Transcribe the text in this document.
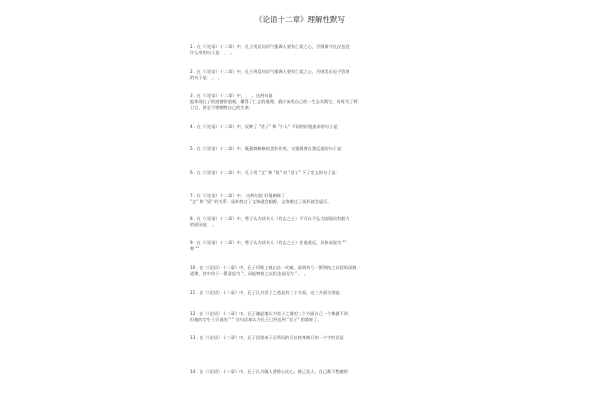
《论语十二章》理解性默写
1 . 在《（论语）十二章》中，孔子用反问语气强调人要有仁爱之心，否则谁守礼仪也没
什么用的句子是： ， 。
2 . 在《（论语）十二章》中，孔子用反问语气强调人要有仁爱之心，否则美乐也不管用
的句子是： ， 。
3 . 在《（论语）十二章》中， ， 。这两句最
能体现孔子的道德价值观，懂得了仁义的道理，就应该用自己的一生去实践它，有时为了捍
卫它，甚至不惜牺牲自己的生命。
4 . 在《（论语）十二章》中，反映了 "君子" 和 "小人" 不同的价值追求的句子是：
5 . 在《（论语）十二章》中，既强调修修的美好作用，又强调要自我反思的句子是：
6 . 在《（论语）十二章》中，孔子用 "文" 和 "质" 对 "君子" 下了定义的句子是：
7 . 在《（论语）十二章》中， 这两句很 好地阐释了
"文" 和 "质" 的关系：质朴胜过了文饰就会粗野，文饰胜过了质朴就会虚浮。
8 . 在《（论语）十二章》中，曾子认为读书人（有志之士）不可以不弘大刚强而有毅力
的原因是： 。
9 . 在《（论语）十二章》中，曾子认为读书人（有志之士）任重道远，具体表现为 ""
和 ""
10 . 在《（论语）十二章》中，孔子用堆上观山这一比喻，说明功亏一篑和持之以恒的深刻
道理，其中功亏一篑意思为 "，而能够持之以恒也是因为 " ， 。
11 . 在《（论语）十二章》中，孔子认为君子之道是有三个方面，这三方面分别是：
12 . 在《（论语）十二章》中，孔子谦虚地认为君子之道的三个方面自己一个都做不到.
但他的学生子贡说的 " " 这句话却认为孔子已经达到 "君子" 的境界了。
13 . 在《（论语）十二章》中，孔子回答弟子贡所问的可以终身践行的一个字的话是
14 . 在《（论语）十二章》中，孔子认为做人要将心比心，推己及人，自己都不想做的
